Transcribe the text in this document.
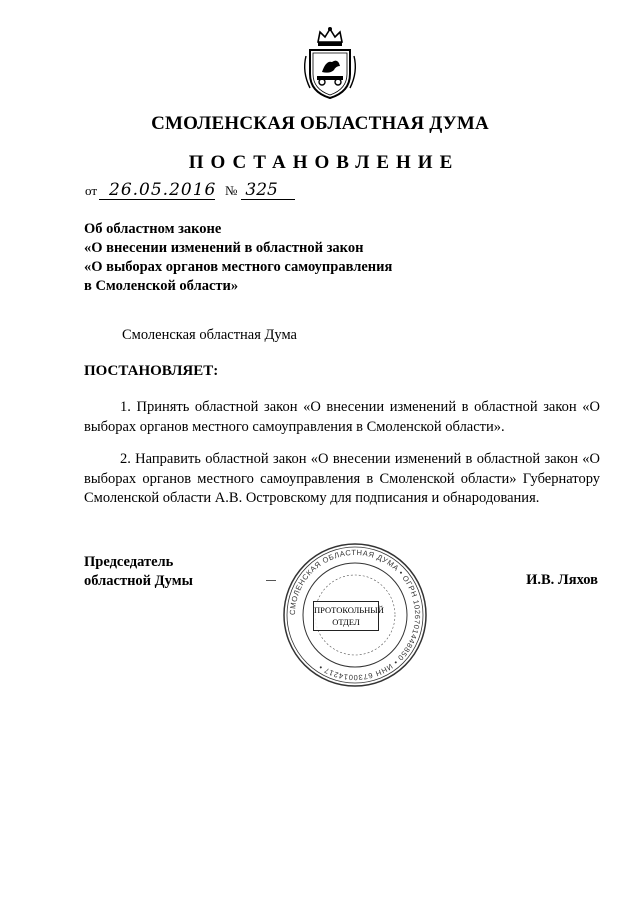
СМОЛЕНСКАЯ ОБЛАСТНАЯ ДУМА
ПОСТАНОВЛЕНИЕ
от 26.05.2016 № 325
Об областном законе
«О внесении изменений в областной закон
«О выборах органов местного самоуправления
в Смоленской области»
Смоленская областная Дума
ПОСТАНОВЛЯЕТ:
1. Принять областной закон «О внесении изменений в областной закон «О выборах органов местного самоуправления в Смоленской области».
2. Направить областной закон «О внесении изменений в областной закон «О выборах органов местного самоуправления в Смоленской области» Губернатору Смоленской области А.В. Островскому для подписания и обнародования.
Председатель
областной Думы
СМОЛЕНСКАЯ ОБЛАСТНАЯ ДУМА • ОГРН 1026701448850 • ИНН 6730014217 •
ПРОТОКОЛЬНЫЙ
ОТДЕЛ
И.В. Ляхов
